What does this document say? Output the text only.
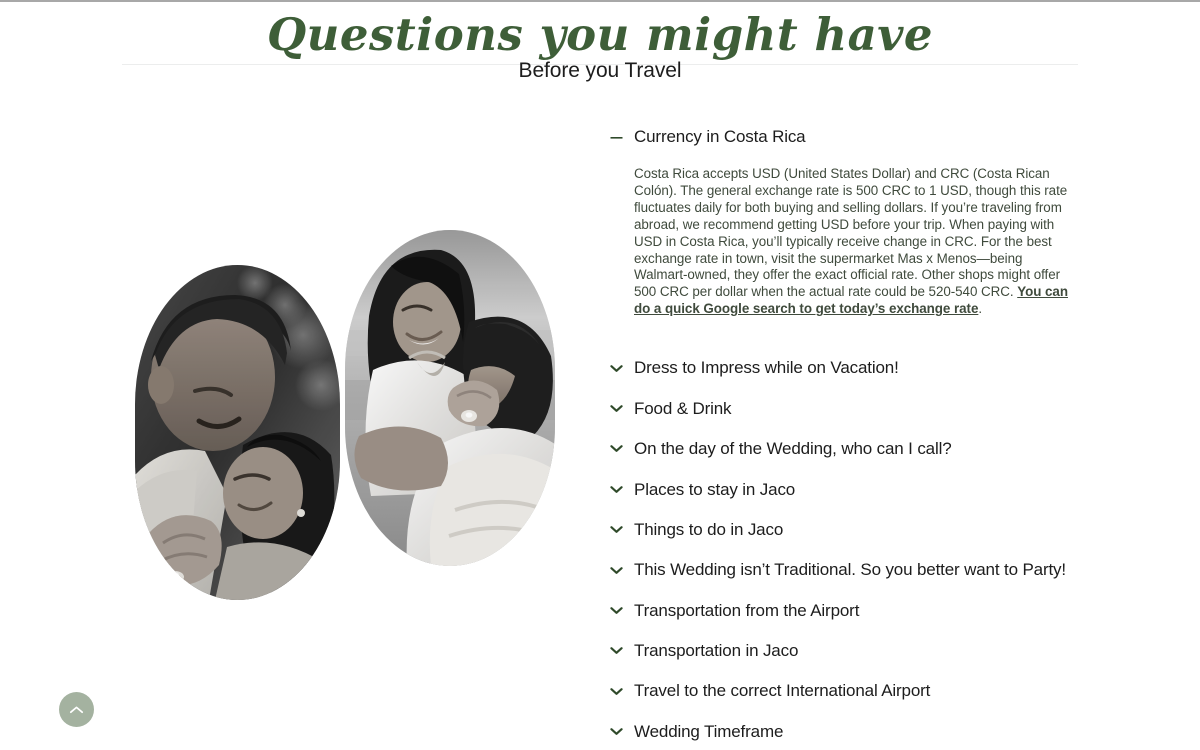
Questions you might have
Before you Travel
Currency in Costa Rica

Costa Rica accepts USD (United States Dollar) and CRC (Costa Rican Colón). The general exchange rate is 500 CRC to 1 USD, though this rate fluctuates daily for both buying and selling dollars. If you’re traveling from abroad, we recommend getting USD before your trip. When paying with USD in Costa Rica, you’ll typically receive change in CRC. For the best exchange rate in town, visit the supermarket Mas x Menos—being Walmart-owned, they offer the exact official rate. Other shops might offer 500 CRC per dollar when the actual rate could be 520-540 CRC. You can do a quick Google search to get today’s exchange rate.

Dress to Impress while on Vacation!
Food & Drink
On the day of the Wedding, who can I call?
Places to stay in Jaco
Things to do in Jaco
This Wedding isn’t Traditional. So you better want to Party!
Transportation from the Airport
Transportation in Jaco
Travel to the correct International Airport
Wedding Timeframe
